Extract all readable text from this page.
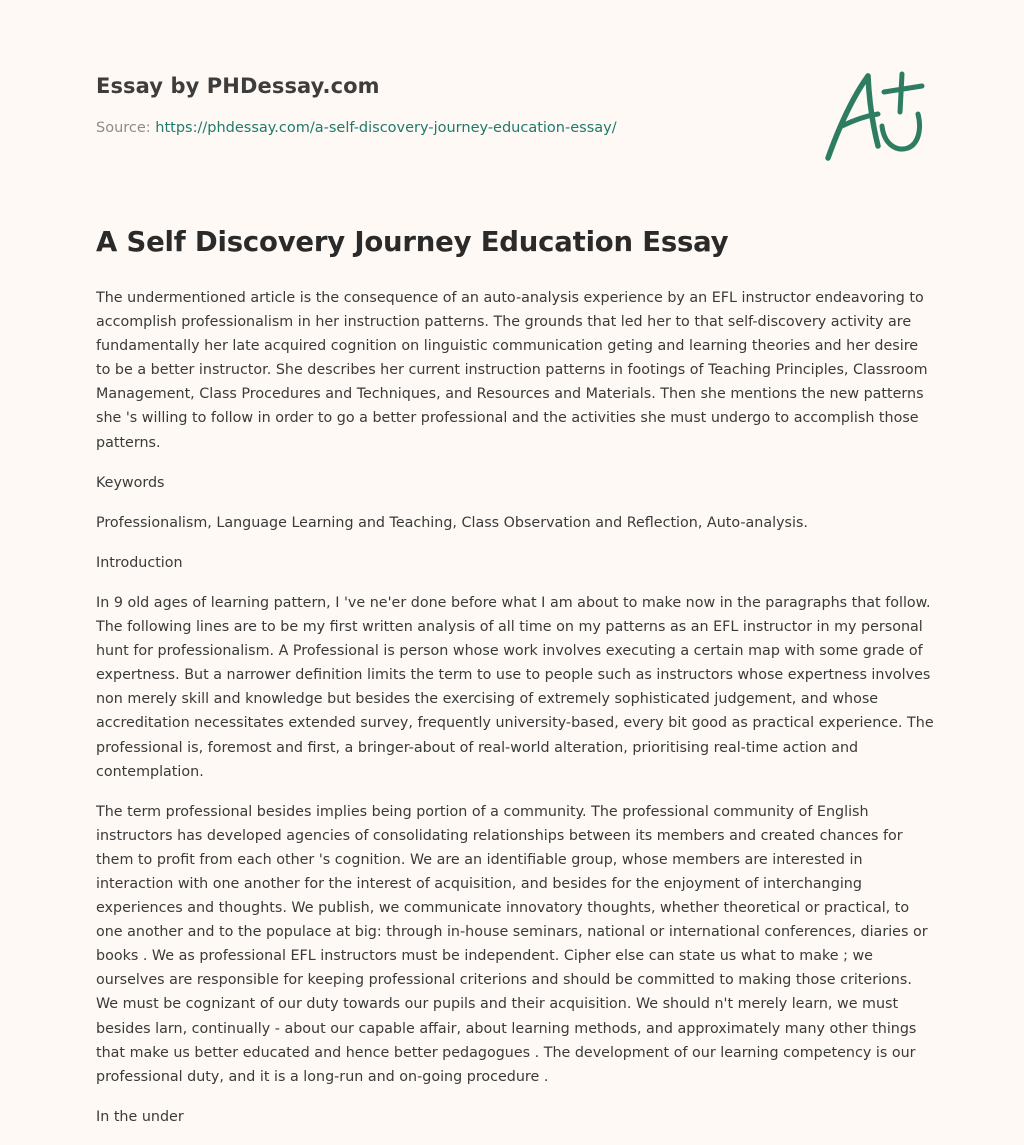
Essay by PHDessay.com
Source: https://phdessay.com/a-self-discovery-journey-education-essay/
A Self Discovery Journey Education Essay

The undermentioned article is the consequence of an auto-analysis experience by an EFL instructor endeavoring to accomplish professionalism in her instruction patterns. The grounds that led her to that self-discovery activity are fundamentally her late acquired cognition on linguistic communication geting and learning theories and her desire to be a better instructor. She describes her current instruction patterns in footings of Teaching Principles, Classroom Management, Class Procedures and Techniques, and Resources and Materials. Then she mentions the new patterns she 's willing to follow in order to go a better professional and the activities she must undergo to accomplish those patterns.

Keywords

Professionalism, Language Learning and Teaching, Class Observation and Reflection, Auto-analysis.

Introduction

In 9 old ages of learning pattern, I 've ne'er done before what I am about to make now in the paragraphs that follow. The following lines are to be my first written analysis of all time on my patterns as an EFL instructor in my personal hunt for professionalism. A Professional is person whose work involves executing a certain map with some grade of expertness. But a narrower definition limits the term to use to people such as instructors whose expertness involves non merely skill and knowledge but besides the exercising of extremely sophisticated judgement, and whose accreditation necessitates extended survey, frequently university-based, every bit good as practical experience. The professional is, foremost and first, a bringer-about of real-world alteration, prioritising real-time action and contemplation.

The term professional besides implies being portion of a community. The professional community of English instructors has developed agencies of consolidating relationships between its members and created chances for them to profit from each other 's cognition. We are an identifiable group, whose members are interested in interaction with one another for the interest of acquisition, and besides for the enjoyment of interchanging experiences and thoughts. We publish, we communicate innovatory thoughts, whether theoretical or practical, to one another and to the populace at big: through in-house seminars, national or international conferences, diaries or books . We as professional EFL instructors must be independent. Cipher else can state us what to make ; we ourselves are responsible for keeping professional criterions and should be committed to making those criterions. We must be cognizant of our duty towards our pupils and their acquisition. We should n't merely learn, we must besides larn, continually - about our capable affair, about learning methods, and approximately many other things that make us better educated and hence better pedagogues . The development of our learning competency is our professional duty, and it is a long-run and on-going procedure .

In the under
